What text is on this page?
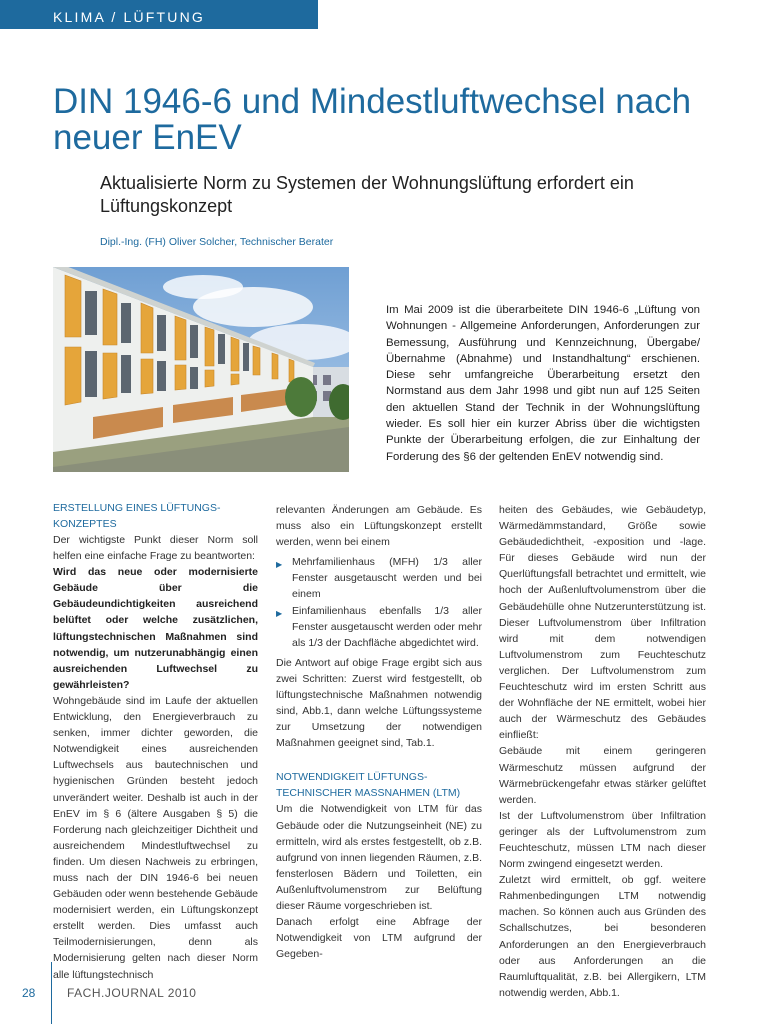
KLIMA / LÜFTUNG
DIN 1946-6 und Mindestluftwechsel nach neuer EnEV
Aktualisierte Norm zu Systemen der Wohnungslüftung erfordert ein Lüftungskonzept
Dipl.-Ing. (FH) Oliver Solcher, Technischer Berater
Im Mai 2009 ist die überarbeitete DIN 1946-6 „Lüftung von Wohnungen - Allgemeine Anforderungen, Anforderungen zur Bemessung, Ausführung und Kennzeichnung, Übergabe/Übernahme (Abnahme) und Instandhaltung“ erschienen. Diese sehr umfangreiche Überarbeitung ersetzt den Normstand aus dem Jahr 1998 und gibt nun auf 125 Seiten den aktuellen Stand der Technik in der Wohnungslüftung wieder. Es soll hier ein kurzer Abriss über die wichtigsten Punkte der Überarbeitung erfolgen, die zur Einhaltung der Forderung des §6 der geltenden EnEV notwendig sind.
ERSTELLUNG EINES LÜFTUNGS-KONZEPTES

Der wichtigste Punkt dieser Norm soll helfen eine einfache Frage zu beantworten:

Wird das neue oder modernisierte Gebäude über die Gebäudeundichtigkeiten ausreichend belüftet oder welche zusätzlichen, lüftungstechnischen Maßnahmen sind notwendig, um nutzerunabhängig einen ausreichenden Luftwechsel zu gewährleisten?

Wohngebäude sind im Laufe der aktuellen Entwicklung, den Energieverbrauch zu senken, immer dichter geworden, die Notwendigkeit eines ausreichenden Luftwechsels aus bautechnischen und hygienischen Gründen besteht jedoch unverändert weiter. Deshalb ist auch in der EnEV im § 6 (ältere Ausgaben § 5) die Forderung nach gleichzeitiger Dichtheit und ausreichendem Mindestluftwechsel zu finden. Um diesen Nachweis zu erbringen, muss nach der DIN 1946-6 bei neuen Gebäuden oder wenn bestehende Gebäude modernisiert werden, ein Lüftungskonzept erstellt werden. Dies umfasst auch Teilmodernisierungen, denn als Modernisierung gelten nach dieser Norm alle lüftungstechnisch

relevanten Änderungen am Gebäude. Es muss also ein Lüftungskonzept erstellt werden, wenn bei einem

▶ Mehrfamilienhaus (MFH) 1/3 aller Fenster ausgetauscht werden und bei einem
▶ Einfamilienhaus ebenfalls 1/3 aller Fenster ausgetauscht werden oder mehr als 1/3 der Dachfläche abgedichtet wird.

Die Antwort auf obige Frage ergibt sich aus zwei Schritten: Zuerst wird festgestellt, ob lüftungstechnische Maßnahmen notwendig sind, Abb.1, dann welche Lüftungssysteme zur Umsetzung der notwendigen Maßnahmen geeignet sind, Tab.1.

NOTWENDIGKEIT LÜFTUNGS-TECHNISCHER MASSNAHMEN (LTM)

Um die Notwendigkeit von LTM für das Gebäude oder die Nutzungseinheit (NE) zu ermitteln, wird als erstes festgestellt, ob z.B. aufgrund von innen liegenden Räumen, z.B. fensterlosen Bädern und Toiletten, ein Außenluftvolumenstrom zur Belüftung dieser Räume vorgeschrieben ist.

Danach erfolgt eine Abfrage der Notwendigkeit von LTM aufgrund der Gegeben-

heiten des Gebäudes, wie Gebäudetyp, Wärmedämmstandard, Größe sowie Gebäudedichtheit, -exposition und -lage. Für dieses Gebäude wird nun der Querlüftungsfall betrachtet und ermittelt, wie hoch der Außenluftvolumenstrom über die Gebäudehülle ohne Nutzerunterstützung ist. Dieser Luftvolumenstrom über Infiltration wird mit dem notwendigen Luftvolumenstrom zum Feuchteschutz verglichen. Der Luftvolumenstrom zum Feuchteschutz wird im ersten Schritt aus der Wohnfläche der NE ermittelt, wobei hier auch der Wärmeschutz des Gebäudes einfließt:

Gebäude mit einem geringeren Wärmeschutz müssen aufgrund der Wärmebrückengefahr etwas stärker gelüftet werden.

Ist der Luftvolumenstrom über Infiltration geringer als der Luftvolumenstrom zum Feuchteschutz, müssen LTM nach dieser Norm zwingend eingesetzt werden.

Zuletzt wird ermittelt, ob ggf. weitere Rahmenbedingungen LTM notwendig machen. So können auch aus Gründen des Schallschutzes, bei besonderen Anforderungen an den Energieverbrauch oder aus Anforderungen an die Raumluftqualität, z.B. bei Allergikern, LTM notwendig werden, Abb.1.

28	FACH.JOURNAL 2010
